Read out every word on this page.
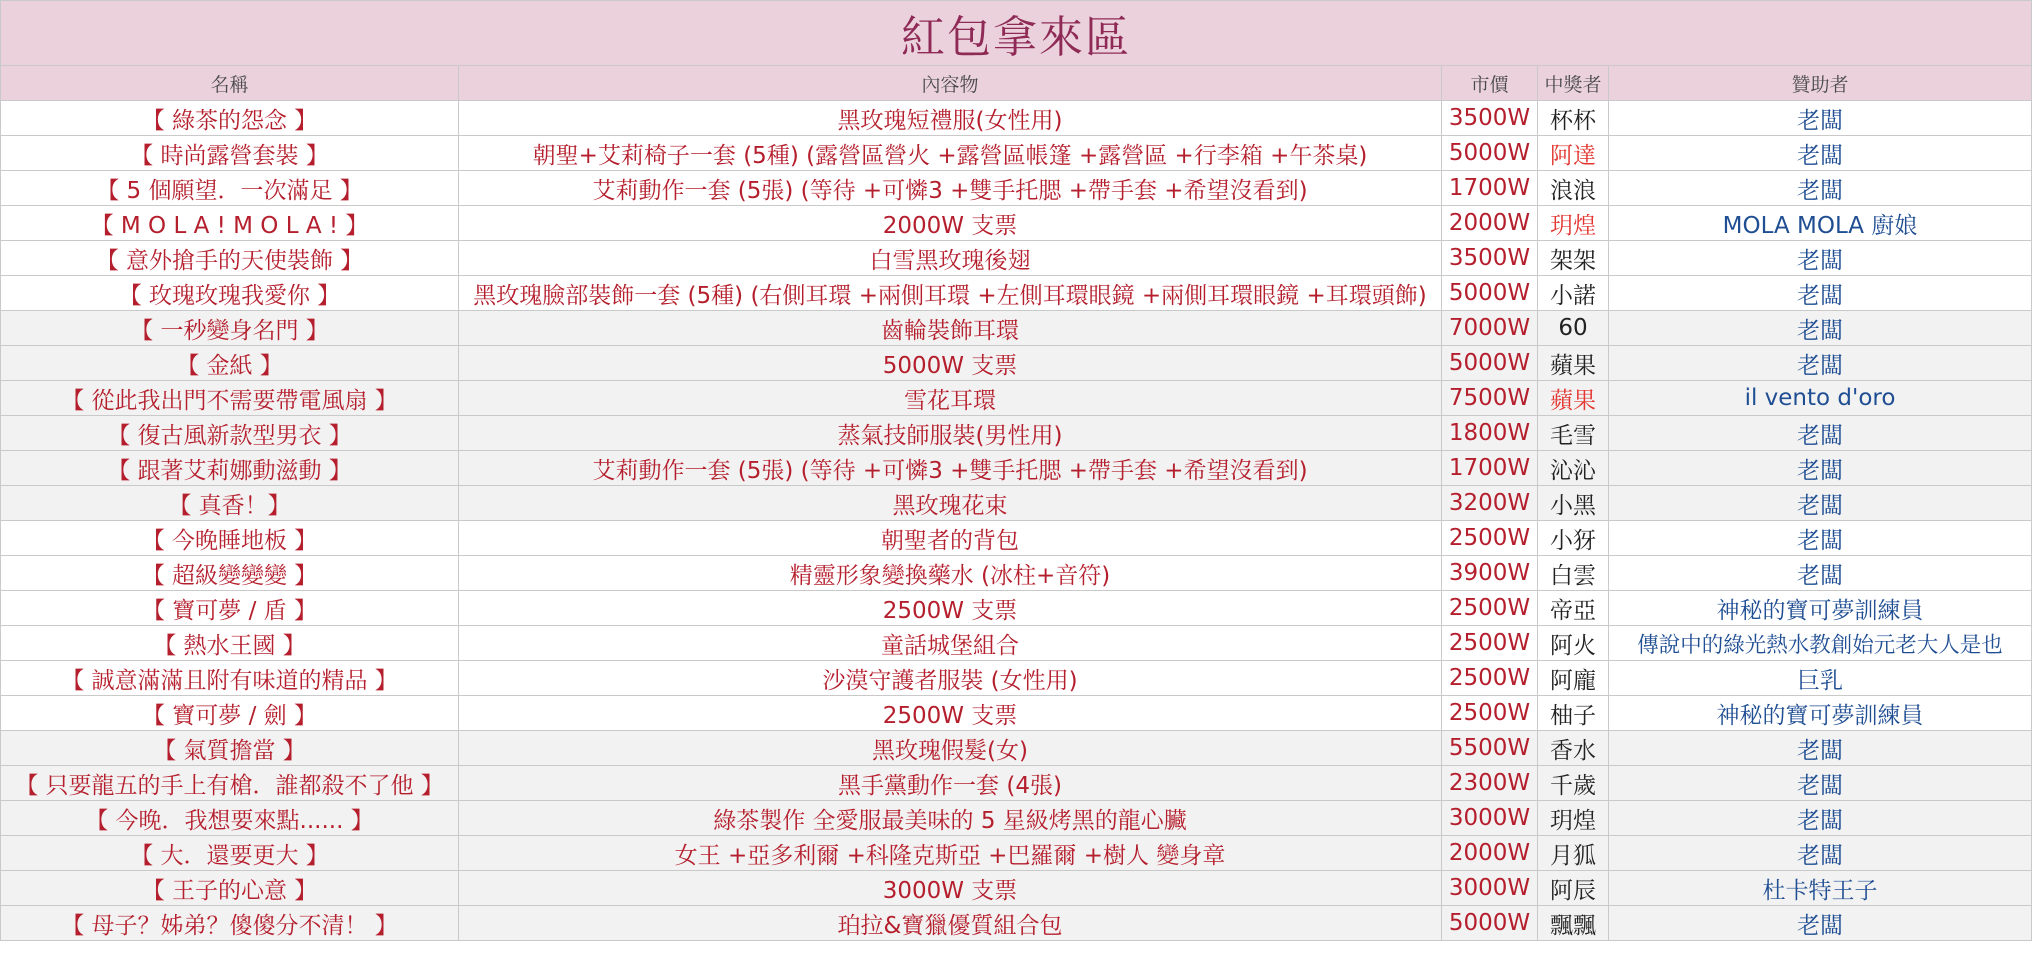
紅包拿來區				
名稱	內容物	市價	中獎者	贊助者
【 綠茶的怨念 】	黑玫瑰短禮服(女性用)	3500W	杯杯	老闆
【 時尚露營套裝 】	朝聖+艾莉椅子一套 (5種) (露營區營火 +露營區帳篷 +露營區 +行李箱 +午茶桌)	5000W	阿達	老闆
【 5 個願望．一次滿足 】	艾莉動作一套 (5張) (等待 +可憐3 +雙手托腮 +帶手套 +希望沒看到)	1700W	浪浪	老闆
【 M O L A ! M O L A ! 】	2000W 支票	2000W	玥煌	MOLA MOLA 廚娘
【 意外搶手的天使裝飾 】	白雪黑玫瑰後翅	3500W	架架	老闆
【 玫瑰玫瑰我愛你 】	黑玫瑰臉部裝飾一套 (5種) (右側耳環 +兩側耳環 +左側耳環眼鏡 +兩側耳環眼鏡 +耳環頭飾)	5000W	小諾	老闆
【 一秒變身名門 】	齒輪裝飾耳環	7000W	60	老闆
【 金紙 】	5000W 支票	5000W	蘋果	老闆
【 從此我出門不需要帶電風扇 】	雪花耳環	7500W	蘋果	il vento d'oro
【 復古風新款型男衣 】	蒸氣技師服裝(男性用)	1800W	毛雪	老闆
【 跟著艾莉娜動滋動 】	艾莉動作一套 (5張) (等待 +可憐3 +雙手托腮 +帶手套 +希望沒看到)	1700W	沁沁	老闆
【 真香！】	黑玫瑰花束	3200W	小黑	老闆
【 今晚睡地板 】	朝聖者的背包	2500W	小犽	老闆
【 超級變變變 】	精靈形象變換藥水 (冰柱+音符)	3900W	白雲	老闆
【 寶可夢 / 盾 】	2500W 支票	2500W	帝亞	神秘的寶可夢訓練員
【 熱水王國 】	童話城堡組合	2500W	阿火	傳說中的綠光熱水教創始元老大人是也
【 誠意滿滿且附有味道的精品 】	沙漠守護者服裝 (女性用)	2500W	阿龐	巨乳
【 寶可夢 / 劍 】	2500W 支票	2500W	柚子	神秘的寶可夢訓練員
【 氣質擔當 】	黑玫瑰假髮(女)	5500W	香水	老闆
【 只要龍五的手上有槍．誰都殺不了他 】	黑手黨動作一套 (4張)	2300W	千歲	老闆
【 今晚．我想要來點...... 】	綠茶製作 全愛服最美味的 5 星級烤黑的龍心臟	3000W	玥煌	老闆
【 大．還要更大 】	女王 +亞多利爾 +科隆克斯亞 +巴羅爾 +樹人 變身章	2000W	月狐	老闆
【 王子的心意 】	3000W 支票	3000W	阿辰	杜卡特王子
【 母子？姊弟？傻傻分不清！ 】	珀拉&寶獵優質組合包	5000W	飄飄	老闆
